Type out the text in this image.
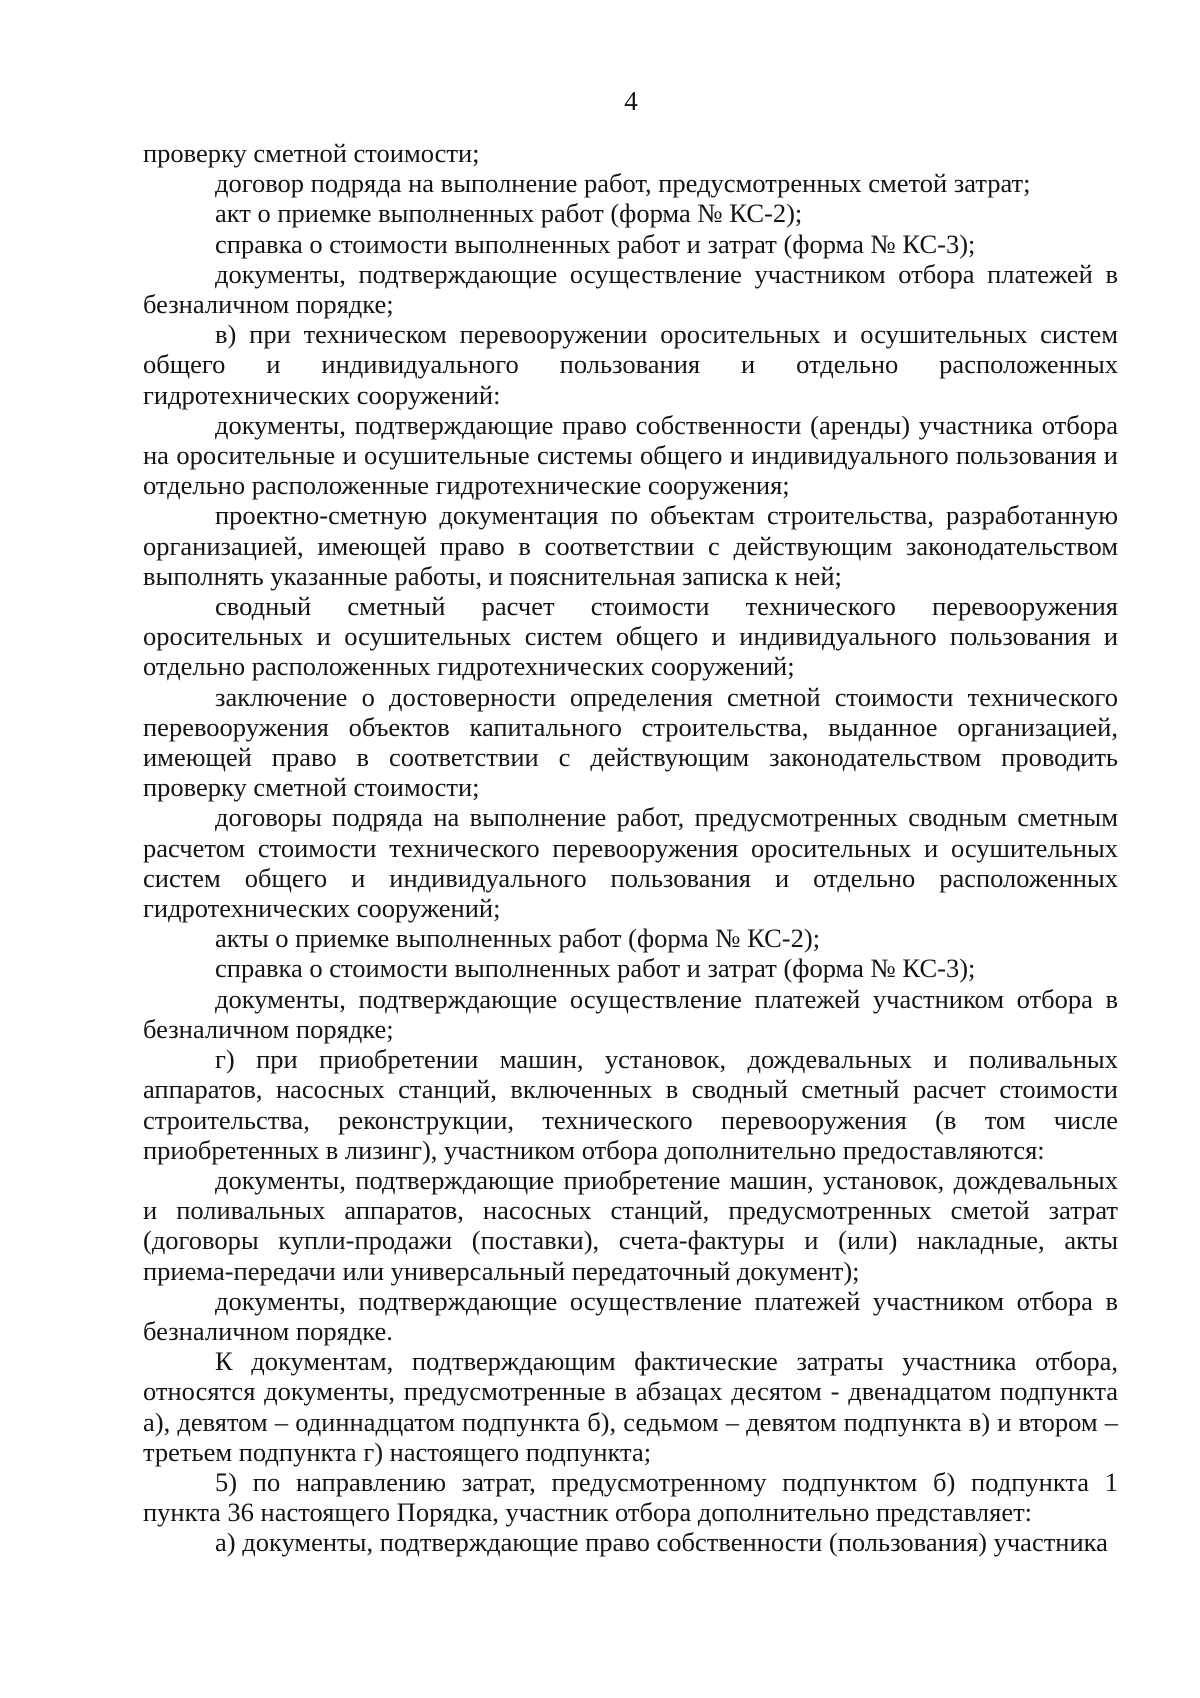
4

проверку сметной стоимости;

договор подряда на выполнение работ, предусмотренных сметой затрат;

акт о приемке выполненных работ (форма № КС-2);

справка о стоимости выполненных работ и затрат (форма № КС-3);

документы, подтверждающие осуществление участником отбора платежей в безналичном порядке;

в) при техническом перевооружении оросительных и осушительных систем общего и индивидуального пользования и отдельно расположенных гидротехнических сооружений:

документы, подтверждающие право собственности (аренды) участника отбора на оросительные и осушительные системы общего и индивидуального пользования и отдельно расположенные гидротехнические сооружения;

проектно-сметную документация по объектам строительства, разработанную организацией, имеющей право в соответствии с действующим законодательством выполнять указанные работы, и пояснительная записка к ней;

сводный сметный расчет стоимости технического перевооружения оросительных и осушительных систем общего и индивидуального пользования и отдельно расположенных гидротехнических сооружений;

заключение о достоверности определения сметной стоимости технического перевооружения объектов капитального строительства, выданное организацией, имеющей право в соответствии с действующим законодательством проводить проверку сметной стоимости;

договоры подряда на выполнение работ, предусмотренных сводным сметным расчетом стоимости технического перевооружения оросительных и осушительных систем общего и индивидуального пользования и отдельно расположенных гидротехнических сооружений;

акты о приемке выполненных работ (форма № КС-2);

справка о стоимости выполненных работ и затрат (форма № КС-3);

документы, подтверждающие осуществление платежей участником отбора в безналичном порядке;

г) при приобретении машин, установок, дождевальных и поливальных аппаратов, насосных станций, включенных в сводный сметный расчет стоимости строительства, реконструкции, технического перевооружения (в том числе приобретенных в лизинг), участником отбора дополнительно предоставляются:

документы, подтверждающие приобретение машин, установок, дождевальных и поливальных аппаратов, насосных станций, предусмотренных сметой затрат (договоры купли-продажи (поставки), счета-фактуры и (или) накладные, акты приема-передачи или универсальный передаточный документ);

документы, подтверждающие осуществление платежей участником отбора в безналичном порядке.

К документам, подтверждающим фактические затраты участника отбора, относятся документы, предусмотренные в абзацах десятом - двенадцатом подпункта а), девятом – одиннадцатом подпункта б), седьмом – девятом подпункта в) и втором – третьем подпункта г) настоящего подпункта;

5) по направлению затрат, предусмотренному подпунктом б) подпункта 1 пункта 36 настоящего Порядка, участник отбора дополнительно представляет:

а) документы, подтверждающие право собственности (пользования) участника
